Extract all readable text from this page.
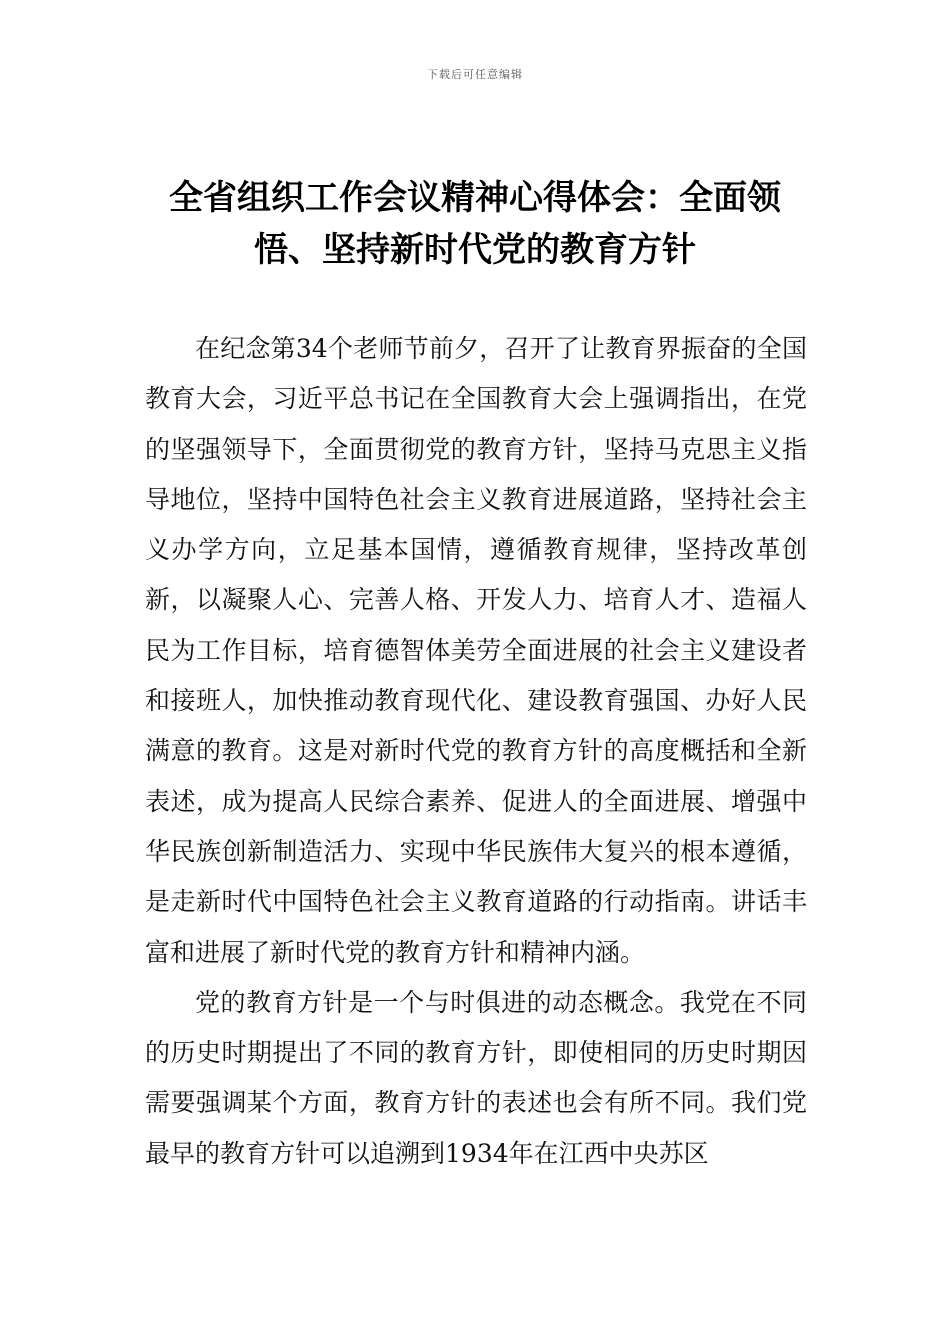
下载后可任意编辑
全省组织工作会议精神心得体会：全面领悟、坚持新时代党的教育方针

在纪念第34个老师节前夕，召开了让教育界振奋的全国教育大会，习近平总书记在全国教育大会上强调指出，在党的坚强领导下，全面贯彻党的教育方针，坚持马克思主义指导地位，坚持中国特色社会主义教育进展道路，坚持社会主义办学方向，立足基本国情，遵循教育规律，坚持改革创新，以凝聚人心、完善人格、开发人力、培育人才、造福人民为工作目标，培育德智体美劳全面进展的社会主义建设者和接班人，加快推动教育现代化、建设教育强国、办好人民满意的教育。这是对新时代党的教育方针的高度概括和全新表述，成为提高人民综合素养、促进人的全面进展、增强中华民族创新制造活力、实现中华民族伟大复兴的根本遵循，是走新时代中国特色社会主义教育道路的行动指南。讲话丰富和进展了新时代党的教育方针和精神内涵。

党的教育方针是一个与时俱进的动态概念。我党在不同的历史时期提出了不同的教育方针，即使相同的历史时期因需要强调某个方面，教育方针的表述也会有所不同。我们党最早的教育方针可以追溯到1934年在江西中央苏区
